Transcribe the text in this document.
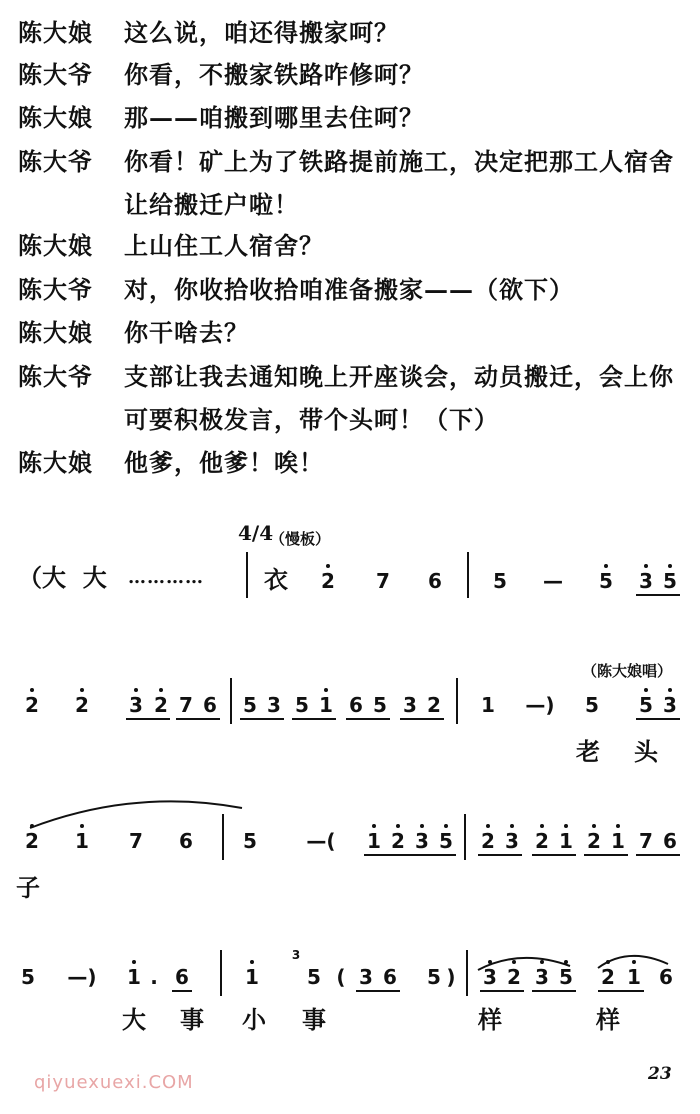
陈大娘 这么说，咱还得搬家呵？
陈大爷 你看，不搬家铁路咋修呵？
陈大娘 那——咱搬到哪里去住呵？
陈大爷 你看！矿上为了铁路提前施工，决定把那工人宿舍
让给搬迁户啦！
陈大娘 上山住工人宿舍？
陈大爷 对，你收拾收拾咱准备搬家——（欲下）
陈大娘 你干啥去？
陈大爷 支部让我去通知晚上开座谈会，动员搬迁，会上你
可要积极发言，带个头呵！（下）
陈大娘 他爹，他爹！唉！
4/4
（慢板）
（大  大 …………	衣 2 7 6	5 — 5 3 5
（陈大娘唱）
2 2 3 2 7 6 5 3 5 1 6 5 3 2 1 —) 5 5 3
老 头
2 1 7 6	5	—(	1 2 3 5 2 3 2 1 2 1 7 6
子
5 —) 1 . 6	1
3
5 ( 3 6 5 ) 3 2 3 5 2 1 6
大 事 小 事	样	样
qiyuexuexi.COM	23
